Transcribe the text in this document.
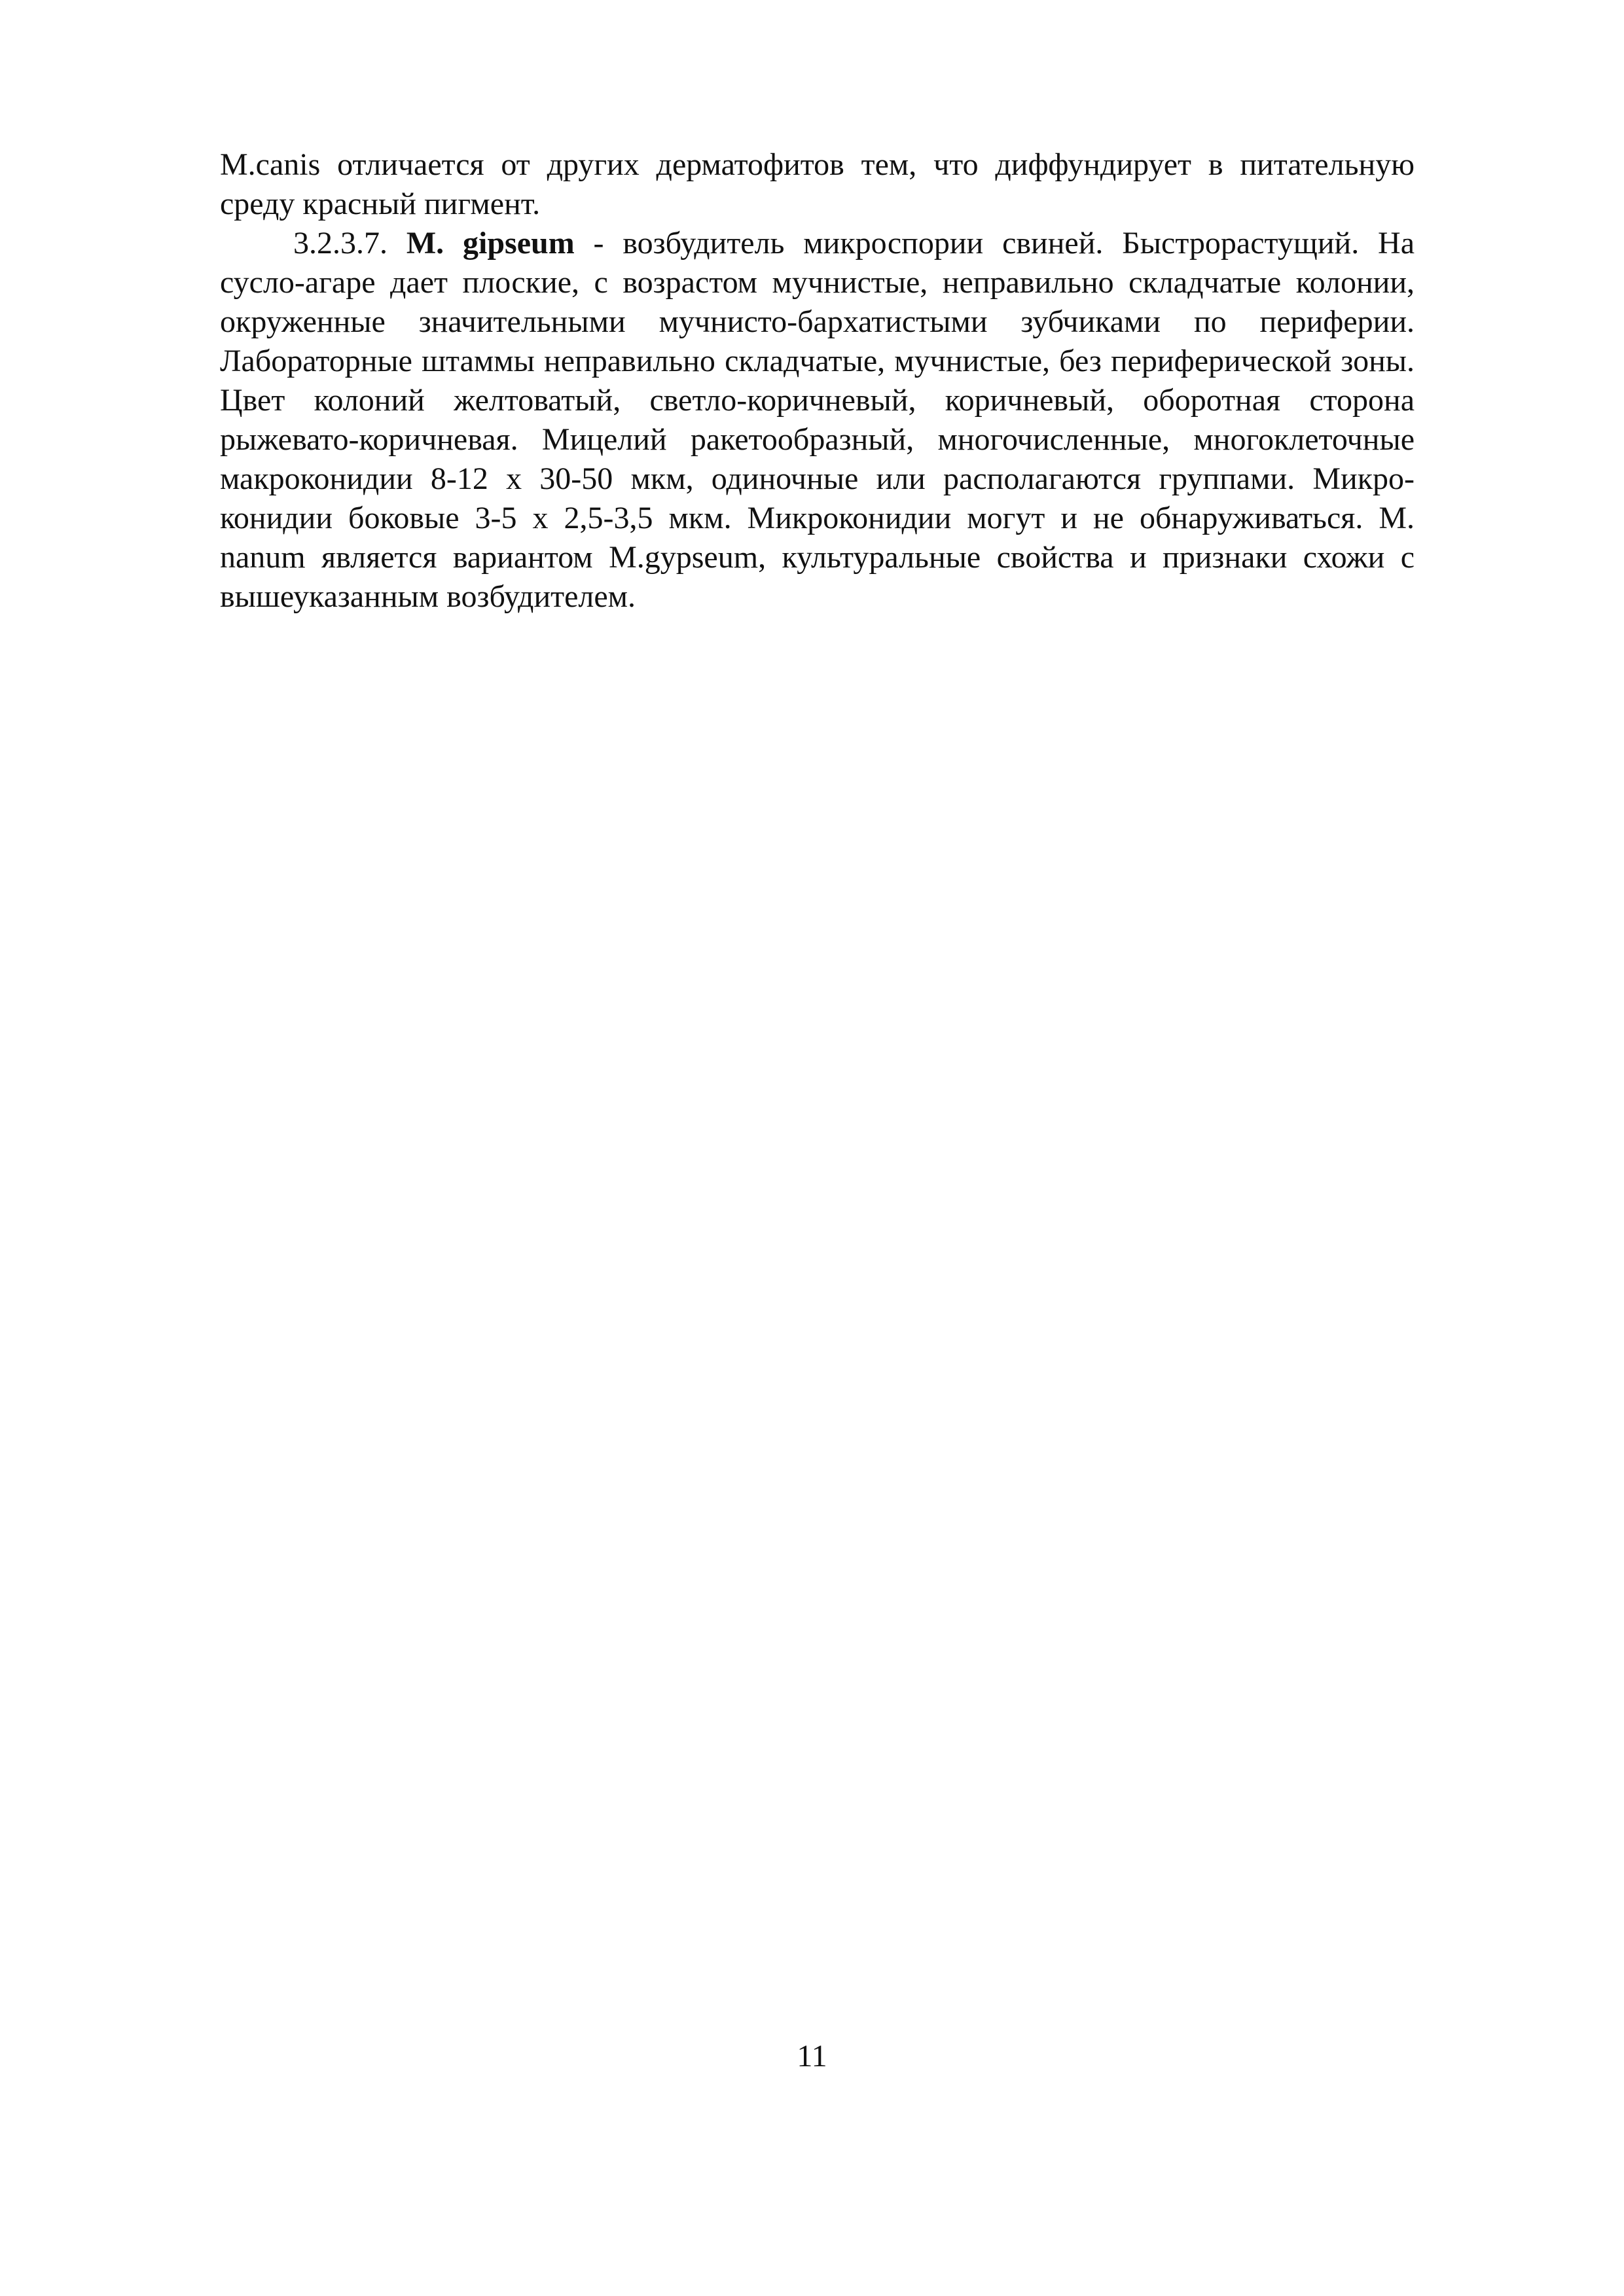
M.canis отличается от других дерматофитов тем, что диффундирует в питательную среду красный пигмент.

3.2.3.7. M. gipseum - возбудитель микроспории свиней. Быстрорастущий. На сусло-агаре дает плоские, с возрастом мучнистые, неправильно складчатые колонии, окруженные значительными мучнисто-бархатистыми зубчиками по периферии. Лабораторные штаммы неправильно складчатые, мучнистые, без периферической зоны. Цвет колоний желтоватый, светло-коричневый, коричневый, оборотная сторона рыжевато-коричневая. Мицелий ракетообразный, многочисленные, многоклеточные макроконидии 8-12 х 30-50 мкм, одиночные или располагаются группами. Микро-конидии боковые 3-5 х 2,5-3,5 мкм. Микроконидии могут и не обнаруживаться. M. nanum является вариантом M.gypseum, культуральные свойства и признаки схожи с вышеуказанным возбудителем.

11
